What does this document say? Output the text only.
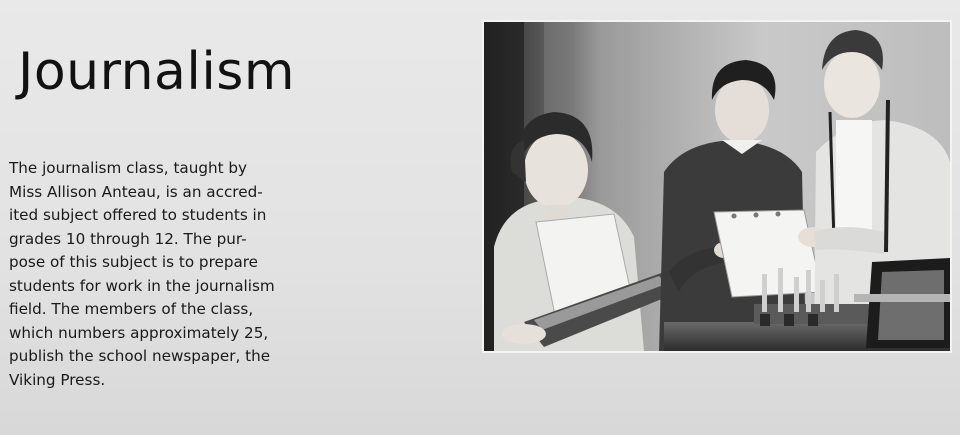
Journalism
The journalism class, taught by
Miss Allison Anteau, is an accred-
ited subject offered to students in
grades 10 through 12. The pur-
pose of this subject is to prepare
students for work in the journalism
field. The members of the class,
which numbers approximately 25,
publish the school newspaper, the
Viking Press.
